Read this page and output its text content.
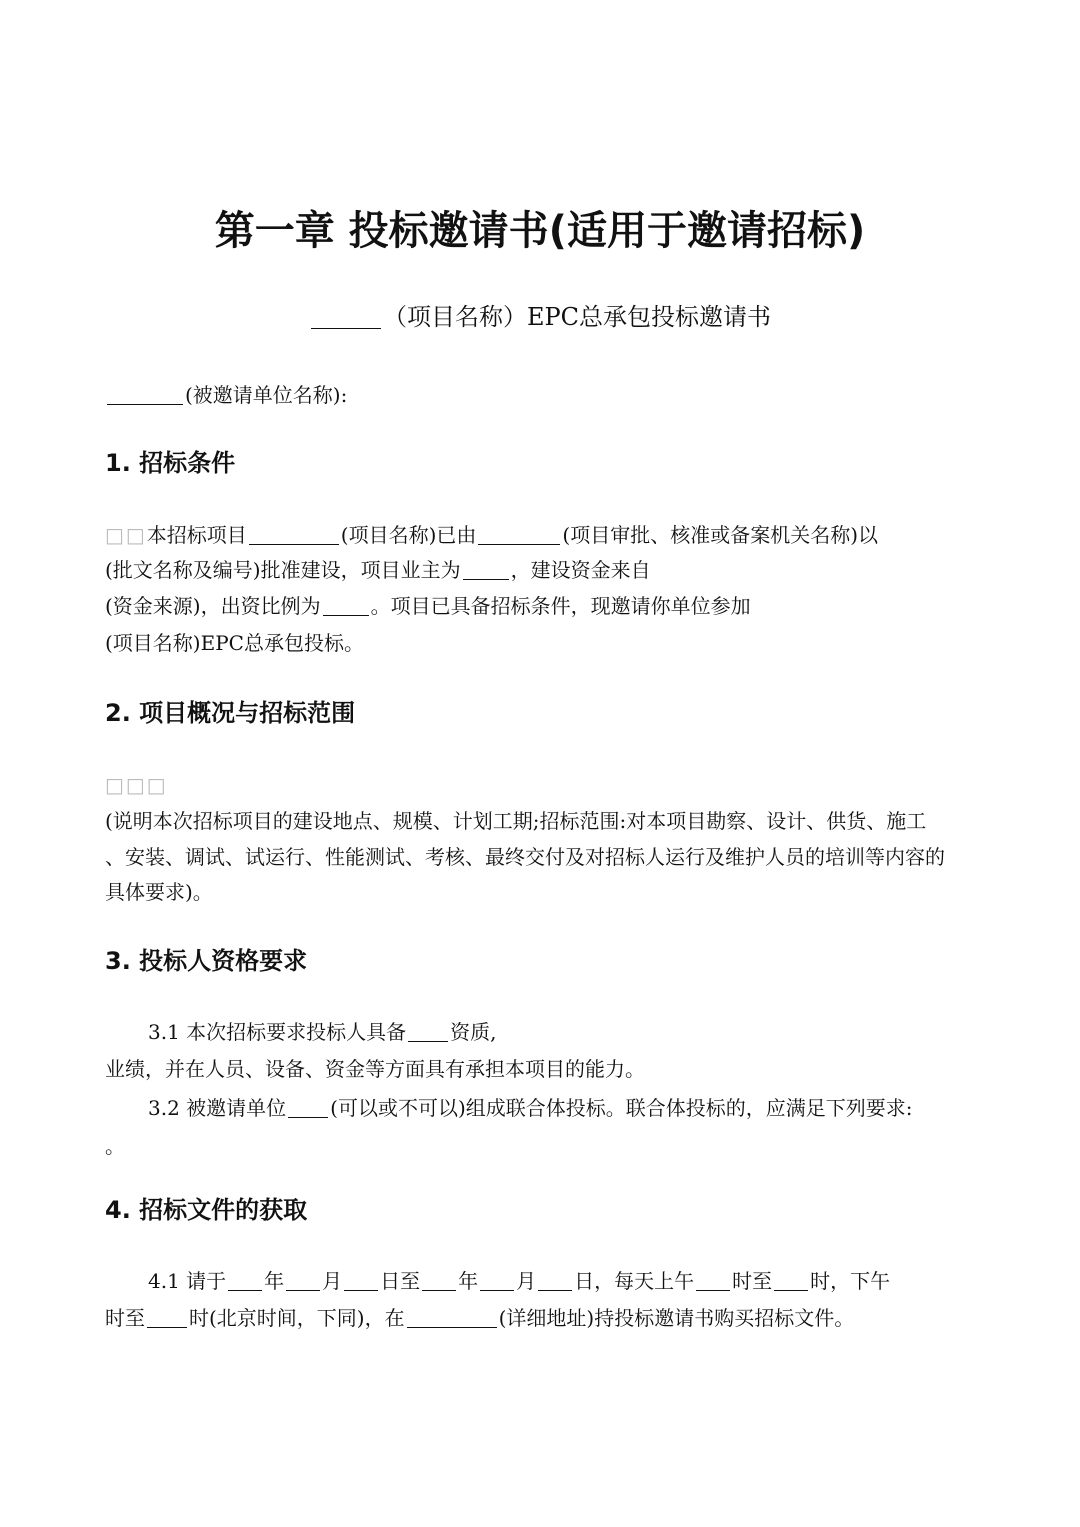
第一章 投标邀请书(适用于邀请招标)
（项目名称）EPC总承包投标邀请书
(被邀请单位名称):
1. 招标条件
□□本招标项目	(项目名称)已由	(项目审批、核准或备案机关名称)以
(批文名称及编号)批准建设，项目业主为	，建设资金来自
(资金来源)，出资比例为	。项目已具备招标条件，现邀请你单位参加
(项目名称)EPC总承包投标。
2. 项目概况与招标范围
□□□
(说明本次招标项目的建设地点、规模、计划工期;招标范围:对本项目勘察、设计、供货、施工
、安装、调试、试运行、性能测试、考核、最终交付及对招标人运行及维护人员的培训等内容的
具体要求)。
3. 投标人资格要求
3.1 本次招标要求投标人具备 资质,
业绩，并在人员、设备、资金等方面具有承担本项目的能力。
3.2 被邀请单位 (可以或不可以)组成联合体投标。联合体投标的，应满足下列要求:
。
4. 招标文件的获取
4.1 请于 年 月 日至 年 月 日，每天上午 时至 时，下午
时至 时(北京时间，下同)，在	(详细地址)持投标邀请书购买招标文件。
